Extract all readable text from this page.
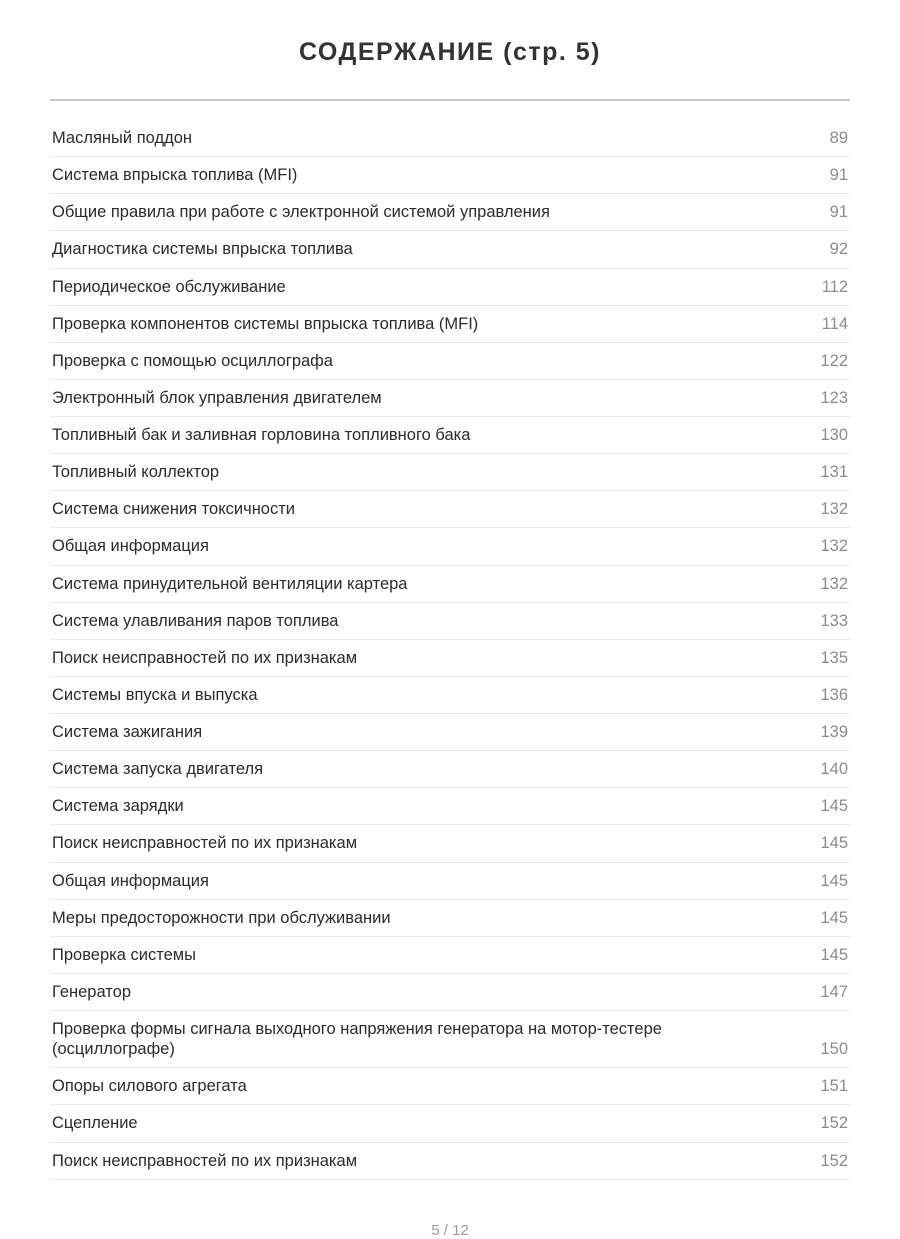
СОДЕРЖАНИЕ (стр. 5)
Масляный поддон	89
Система впрыска топлива (MFI)	91
Общие правила при работе с электронной системой управления	91
Диагностика системы впрыска топлива	92
Периодическое обслуживание	112
Проверка компонентов системы впрыска топлива (MFI)	114
Проверка с помощью осциллографа	122
Электронный блок управления двигателем	123
Топливный бак и заливная горловина топливного бака	130
Топливный коллектор	131
Система снижения токсичности	132
Общая информация	132
Система принудительной вентиляции картера	132
Система улавливания паров топлива	133
Поиск неисправностей по их признакам	135
Системы впуска и выпуска	136
Система зажигания	139
Система запуска двигателя	140
Система зарядки	145
Поиск неисправностей по их признакам	145
Общая информация	145
Меры предосторожности при обслуживании	145
Проверка системы	145
Генератор	147
Проверка формы сигнала выходного напряжения генератора на мотор-тестере (осциллографе)	150
Опоры силового агрегата	151
Сцепление	152
Поиск неисправностей по их признакам	152
5 / 12
